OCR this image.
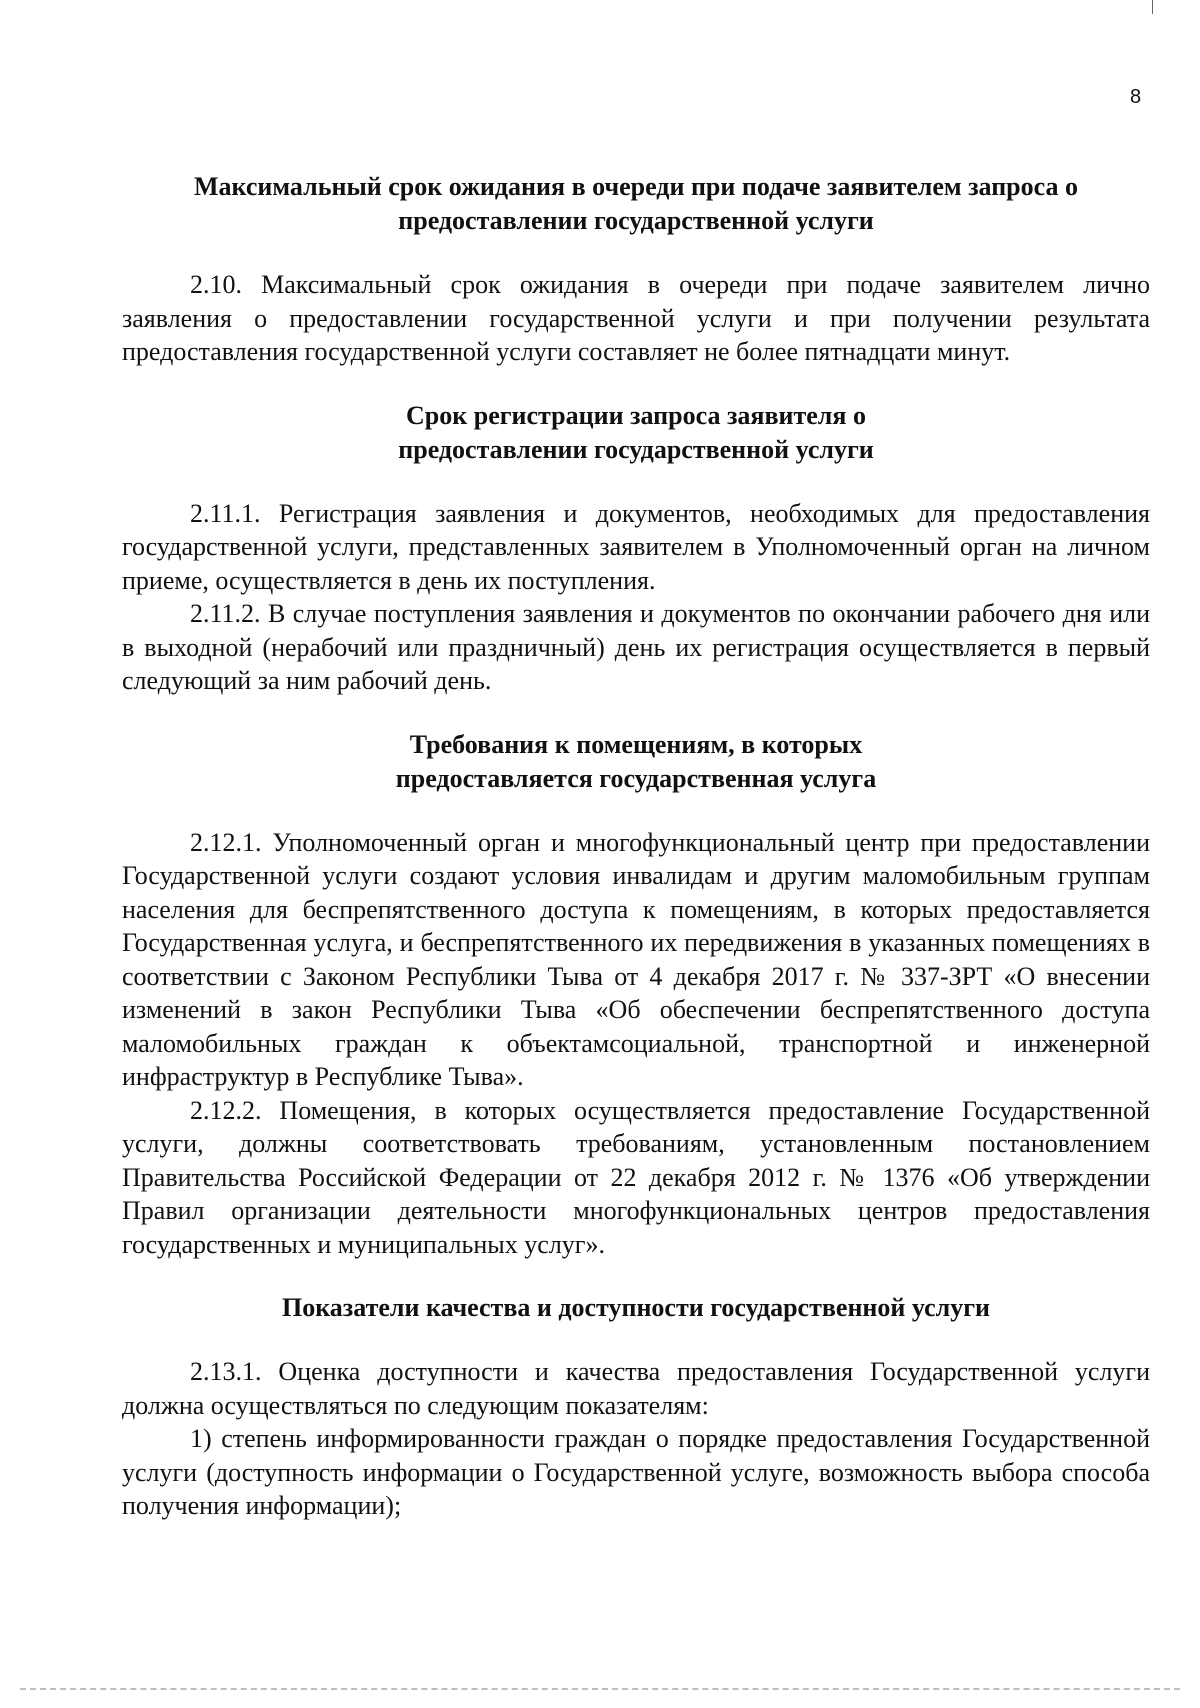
8
Максимальный срок ожидания в очереди при подаче заявителем запроса о
предоставлении государственной услуги

2.10. Максимальный срок ожидания в очереди при подаче заявителем лично заявления о предоставлении государственной услуги и при получении результата предоставления государственной услуги составляет не более пятнадцати минут.

Срок регистрации запроса заявителя о
предоставлении государственной услуги

2.11.1. Регистрация заявления и документов, необходимых для предоставления государственной услуги, представленных заявителем в Уполномоченный орган на личном приеме, осуществляется в день их поступления.

2.11.2. В случае поступления заявления и документов по окончании рабочего дня или в выходной (нерабочий или праздничный) день их регистрация осуществляется в первый следующий за ним рабочий день.

Требования к помещениям, в которых
предоставляется государственная услуга

2.12.1. Уполномоченный орган и многофункциональный центр при предоставлении Государственной услуги создают условия инвалидам и другим маломобильным группам населения для беспрепятственного доступа к помещениям, в которых предоставляется Государственная услуга, и беспрепятственного их передвижения в указанных помещениях в соответствии с Законом Республики Тыва от 4 декабря 2017 г. № 337-ЗРТ «О внесении изменений в закон Республики Тыва «Об обеспечении беспрепятственного доступа маломобильных граждан к объектамсоциальной, транспортной и инженерной инфраструктур в Республике Тыва».

2.12.2. Помещения, в которых осуществляется предоставление Государственной услуги, должны соответствовать требованиям, установленным постановлением Правительства Российской Федерации от 22 декабря 2012 г. № 1376 «Об утверждении Правил организации деятельности многофункциональных центров предоставления государственных и муниципальных услуг».

Показатели качества и доступности государственной услуги

2.13.1. Оценка доступности и качества предоставления Государственной услуги должна осуществляться по следующим показателям:

1) степень информированности граждан о порядке предоставления Государственной услуги (доступность информации о Государственной услуге, возможность выбора способа получения информации);
